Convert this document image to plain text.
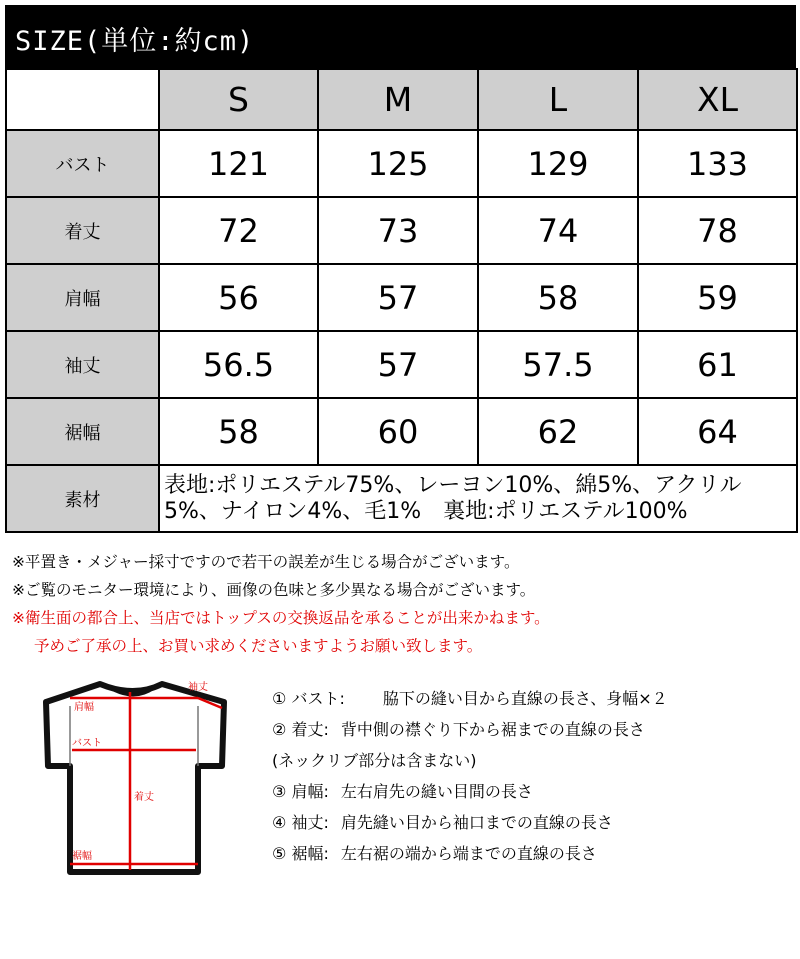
SIZE(単位:約cm)
	S	M	L	XL
バスト	121	125	129	133
着丈	72	73	74	78
肩幅	56	57	58	59
袖丈	56.5	57	57.5	61
裾幅	58	60	62	64
素材	表地:ポリエステル75%、レーヨン10%、綿5%、アクリル
5%、ナイロン4%、毛1%　裏地:ポリエステル100%			
※平置き・メジャー採寸ですので若干の誤差が生じる場合がございます。
※ご覧のモニター環境により、画像の色味と多少異なる場合がございます。
※衛生面の都合上、当店ではトップスの交換返品を承ることが出来かねます。
予めご了承の上、お買い求めくださいますようお願い致します。
袖丈
肩幅
バスト
着丈
裾幅
① バスト: 脇下の縫い目から直線の長さ、身幅×２
② 着丈: 背中側の襟ぐり下から裾までの直線の長さ
(ネックリブ部分は含まない)
③ 肩幅: 左右肩先の縫い目間の長さ
④ 袖丈: 肩先縫い目から袖口までの直線の長さ
⑤ 裾幅: 左右裾の端から端までの直線の長さ
